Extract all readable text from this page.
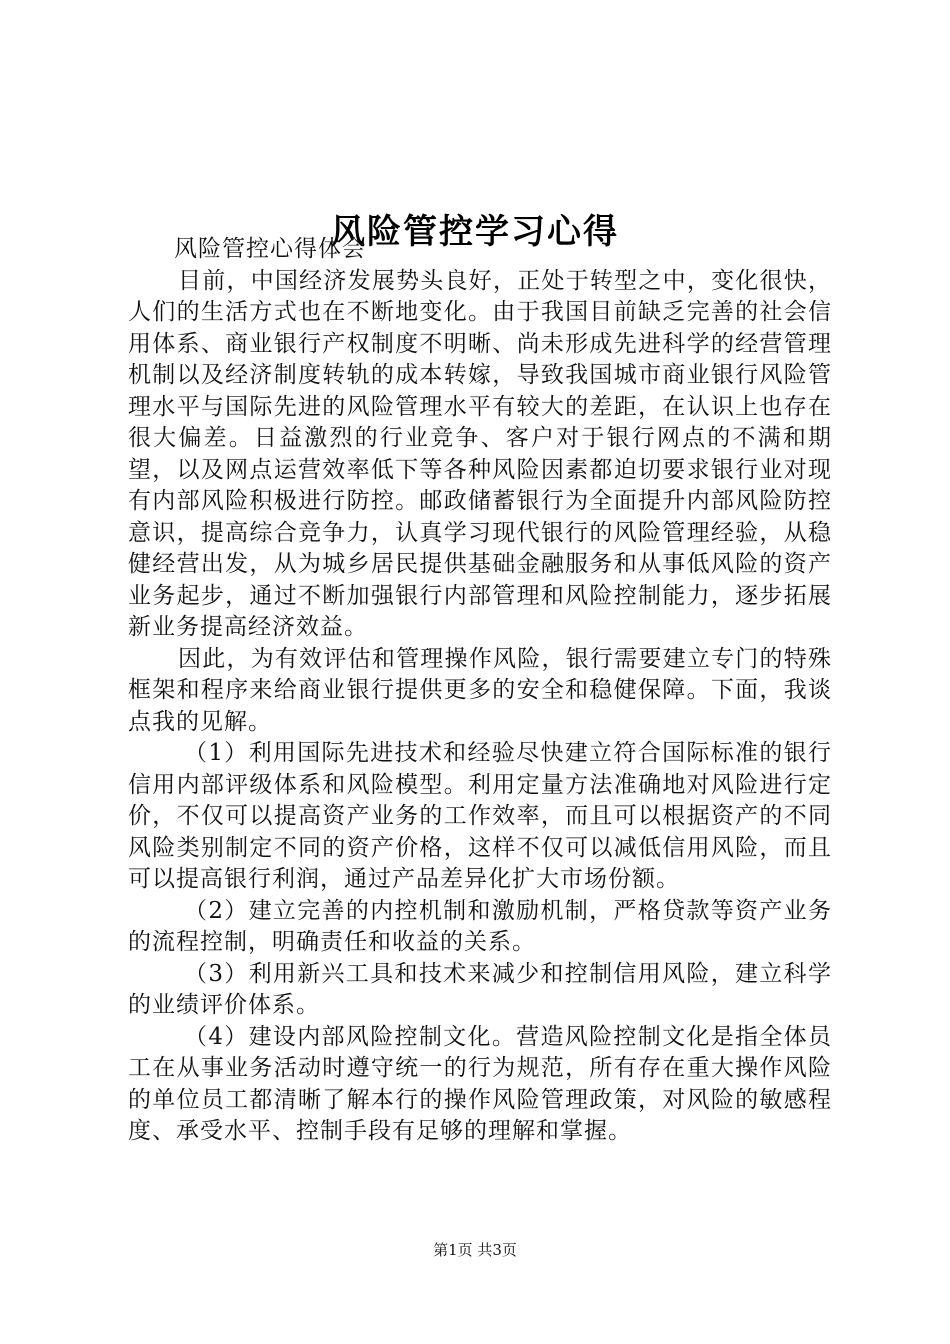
风险管控学习心得

风险管控心得体会

目前，中国经济发展势头良好，正处于转型之中，变化很快，人们的生活方式也在不断地变化。由于我国目前缺乏完善的社会信用体系、商业银行产权制度不明晰、尚未形成先进科学的经营管理机制以及经济制度转轨的成本转嫁，导致我国城市商业银行风险管理水平与国际先进的风险管理水平有较大的差距，在认识上也存在很大偏差。日益激烈的行业竞争、客户对于银行网点的不满和期望，以及网点运营效率低下等各种风险因素都迫切要求银行业对现有内部风险积极进行防控。邮政储蓄银行为全面提升内部风险防控意识，提高综合竞争力，认真学习现代银行的风险管理经验，从稳健经营出发，从为城乡居民提供基础金融服务和从事低风险的资产业务起步，通过不断加强银行内部管理和风险控制能力，逐步拓展新业务提高经济效益。

因此，为有效评估和管理操作风险，银行需要建立专门的特殊框架和程序来给商业银行提供更多的安全和稳健保障。下面，我谈点我的见解。

（1）利用国际先进技术和经验尽快建立符合国际标准的银行信用内部评级体系和风险模型。利用定量方法准确地对风险进行定价，不仅可以提高资产业务的工作效率，而且可以根据资产的不同风险类别制定不同的资产价格，这样不仅可以减低信用风险，而且可以提高银行利润，通过产品差异化扩大市场份额。

（2）建立完善的内控机制和激励机制，严格贷款等资产业务的流程控制，明确责任和收益的关系。

（3）利用新兴工具和技术来减少和控制信用风险，建立科学的业绩评价体系。

（4）建设内部风险控制文化。营造风险控制文化是指全体员工在从事业务活动时遵守统一的行为规范，所有存在重大操作风险的单位员工都清晰了解本行的操作风险管理政策，对风险的敏感程度、承受水平、控制手段有足够的理解和掌握。

第1页 共3页
